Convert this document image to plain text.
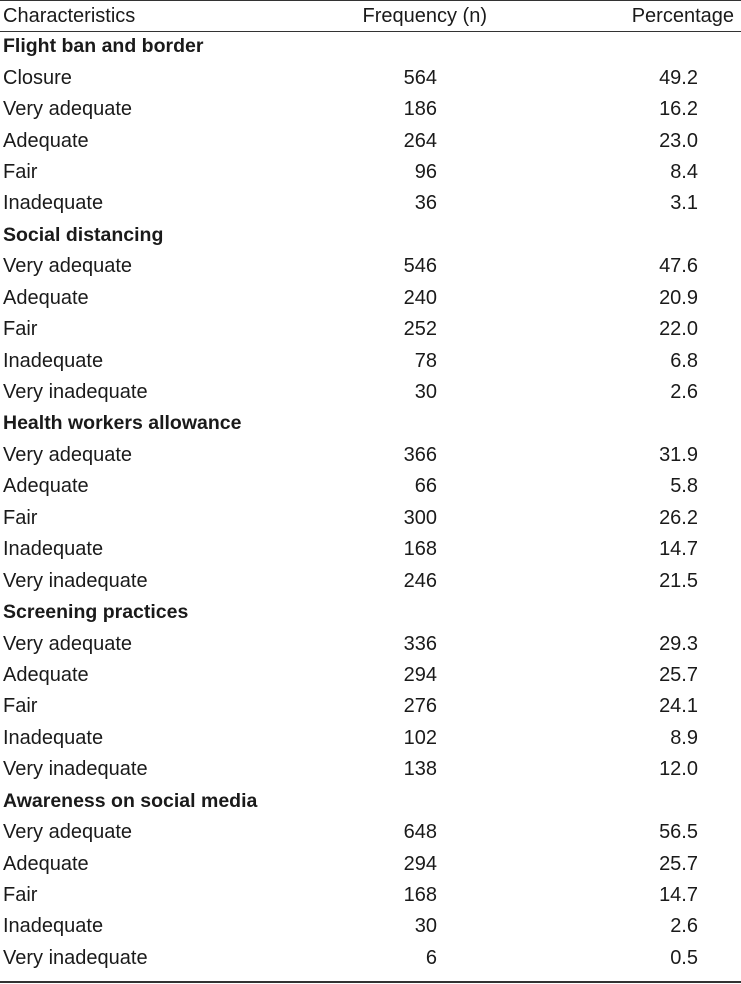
Characteristics	Frequency (n)	Percentage
Flight ban and border		
Closure	564	49.2
Very adequate	186	16.2
Adequate	264	23.0
Fair	96	8.4
Inadequate	36	3.1
Social distancing		
Very adequate	546	47.6
Adequate	240	20.9
Fair	252	22.0
Inadequate	78	6.8
Very inadequate	30	2.6
Health workers allowance		
Very adequate	366	31.9
Adequate	66	5.8
Fair	300	26.2
Inadequate	168	14.7
Very inadequate	246	21.5
Screening practices		
Very adequate	336	29.3
Adequate	294	25.7
Fair	276	24.1
Inadequate	102	8.9
Very inadequate	138	12.0
Awareness on social media		
Very adequate	648	56.5
Adequate	294	25.7
Fair	168	14.7
Inadequate	30	2.6
Very inadequate	6	0.5
